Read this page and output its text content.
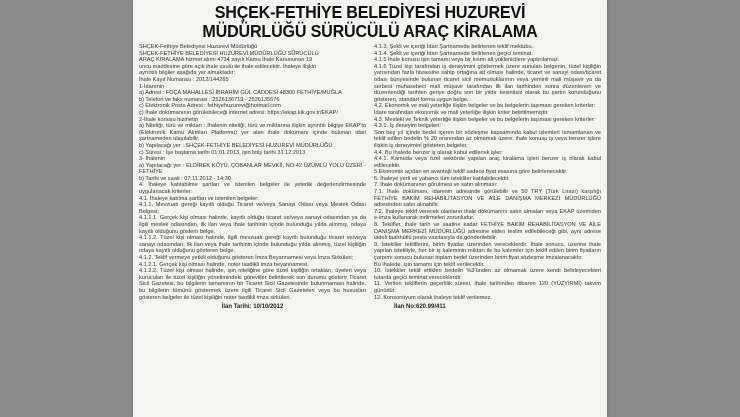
SHÇEK-FETHİYE BELEDİYESİ HUZUREVİ
MÜDÜRLÜĞÜ SÜRÜCÜLÜ ARAÇ KİRALAMA

SHÇEK-Fethiye Belediyesi Huzurevi Müdürlüğü

SHÇEK-FETHİYE BELEDİYESİ HUZUREVİ MÜDÜRLÜĞÜ SÜRÜCÜLÜ

ARAÇ KİRALAMA hizmet alımı 4734 sayılı Kamu İhale Kanununun 19

uncu maddesine göre açık ihale usulü ile ihale edilecektir. İhaleye ilişkin

ayrıntılı bilgiler aşağıda yer almaktadır:

İhale Kayıt Numarası : 2012/144265

1-İdarenin

a) Adresi : FOÇA MAHALLESİ İBRAHİM GÜL CADDESİ 48300 FETHİYE/MUĞLA

b) Telefon ve faks numarası : 2526136719 - 2526135676

c) Elektronik Posta Adresi : fethiyehuzurevi@hotmail.com

ç) İhale dokümanının görülebileceği internet adresi: https://ekap.kik.gov.tr/EKAP/

2-İhale konusu hizmetin

a) Niteliği, türü ve miktarı : İhalenin niteliği, türü ve miktarına ilişkin ayrıntılı bilgiye EKAP'ta (Elektronik Kamu Alımları Platformu) yer alan ihale dokümanı içinde bulunan idari şartnameden ulaşılabilir.

b) Yapılacağı yer : SHÇEK-FETHİYE BELEDİYESİ HUZUREVİ MÜDÜRLÜĞÜ

c) Süresi : İşe başlama tarihi 01.01.2013, işin bitiş tarihi 31.12.2013

3- İhalenin

a) Yapılacağı yer : ELDİREK KÖYÜ, ÇOBANLAR MEVKİİ, NO:42 ÜZÜMLÜ YOLU ÜZERİ - FETHİYE

b) Tarihi ve saati : 07.11.2012 - 14:30

4. İhaleye katılabilme şartları ve istenilen belgeler ile yeterlik değerlendirmesinde uygulanacak kriterler:

4.1. İhaleye katılma şartları ve istenilen belgeler:

4.1.1. Mevzuatı gereği kayıtlı olduğu Ticaret ve/veya Sanayi Odası veya Meslek Odası Belgesi;

4.1.1.1. Gerçek kişi olması halinde, kayıtlı olduğu ticaret ve/veya sanayi odasından ya da ilgili meslek odasından, ilk ilan veya ihale tarihinin içinde bulunduğu yılda alınmış, odaya kayıtlı olduğunu gösterir belge,

4.1.1.2. Tüzel kişi olması halinde, ilgili mevzuatı gereği kayıtlı bulunduğu ticaret ve/veya sanayi odasından, ilk ilan veya ihale tarihinin içinde bulunduğu yılda alınmış, tüzel kişiliğin odaya kayıtlı olduğunu gösteren belge.

4.1.2. Teklif vermeye yetkili olduğunu gösteren İmza Beyannamesi veya İmza Sirküleri;

4.1.2.1. Gerçek kişi olması halinde, noter tasdikli imza beyannamesi,

4.1.2.2. Tüzel kişi olması halinde, işin niteliğine göre tüzel kişiliğin ortakları, üyeleri veya kurucuları ile tüzel kişiliğin yönetimindeki görevliler belirtilerek son durumu gösterir Ticaret Sicil Gazetesi, bu bilgilerin tamamının bir Ticaret Sicil Gazetesinde bulunmaması halinde, bu bilgilerin tümünü göstermek üzere ilgili Ticaret Sicil Gazeteleri veya bu hususları gösteren belgeler ile tüzel kişiliğin noter tasdikli imza sirküleri.

İlan Tarihi: 10/10/2012

4.1.3. Şekli ve içeriği İdari Şartnamede belirlenen teklif mektubu.

4.1.4. Şekli ve içeriği İdari Şartnamede belirlenen geçici teminat.

4.1.5 İhale konusu işin tamamı veya bir kısmı alt yüklenicilere yaptırılamaz.

4.1.6 Tüzel kişi tarafından iş deneyimini göstermek üzere sunulan belgenin, tüzel kişiliğin yarısından fazla hissesine sahip ortağına ait olması halinde, ticaret ve sanayi odası/ticaret odası bünyesinde bulunan ticaret sicil memurluklarının veya yeminli mali müşavir ya da serbest muhasebeci mali müşavir tarafından ilk ilan tarihinden sonra düzenlenen ve düzenlendiği tarihten geriye doğru son bir yıldır kesintisiz olarak bu şartın korunduğunu gösteren, standart forma uygun belge.

4.2. Ekonomik ve mali yeterliğe ilişkin belgeler ve bu belgelerin taşıması gereken kriterler:

İdare tarafından ekonomik ve mali yeterliğe ilişkin kriter belirtilmemiştir.

4.3. Mesleki ve Teknik yeterliğe ilişkin belgeler ve bu belgelerin taşıması gereken kriterler:

4.3.1. İş deneyim belgeleri:

Son beş yıl içinde bedel içeren bir sözleşme kapsamında kabul işlemleri tamamlanan ve teklif edilen bedelin % 20 oranından az olmamak üzere, ihale konusu iş veya benzer işlere ilişkin iş deneyimini gösteren belgeler.

4.4. Bu ihalede benzer iş olarak kabul edilecek işler:

4.4.1. Kamuda veya özel sektörde yapılan araç kiralama işleri benzer iş olarak kabul edilecektir.

5.Ekonomik açıdan en avantajlı teklif sadece fiyat esasına göre belirlenecektir.

6. İhaleye yerli ve yabancı tüm istekliler katılabilecektir.

7. İhale dokümanının görülmesi ve satın alınması:

7.1. İhale dokümanı, idarenin adresinde görülebilir ve 50 TRY (Türk Lirası) karşılığı FETHİYE BAKIM REHABİLİTASYON VE AİLE DANIŞMA MERKEZİ MÜDÜRLÜĞÜ adresinden satın alınabilir.

7.2. İhaleye teklif verecek olanların ihale dokümanını satın almaları veya EKAP üzerinden e-imza kullanarak indirmeleri zorunludur.

8. Teklifler, ihale tarih ve saatine kadar FETHİYE BAKIM REHABİLİTASYON VE AİLE DANIŞMA MERKEZİ MÜDÜRLÜĞÜ adresine elden teslim edilebileceği gibi, aynı adrese iadeli taahhütlü posta vasıtasıyla da gönderilebilir.

9. İstekliler tekliflerini, birim fiyatlar üzerinden vereceklerdir. İhale sonucu, üzerine ihale yapılan istekliyle, her bir iş kaleminin miktarı ile bu kalemler için teklif edilen birim fiyatların çarpımı sonucu bulunan toplam bedel üzerinden birim fiyat sözleşme imzalanacaktır.

Bu ihalede, işin tamamı için teklif verilecektir.

10. İstekliler teklif ettikleri bedelin %3'ünden az olmamak üzere kendi belirleyecekleri tutarda geçici teminat vereceklerdir.

11. Verilen tekliflerin geçerlilik süresi, ihale tarihinden itibaren 120 (YÜZYİRMİ) takvim günüdür.

12. Konsorsiyum olarak ihaleye teklif verilemez.

İlan No:620.99/411
